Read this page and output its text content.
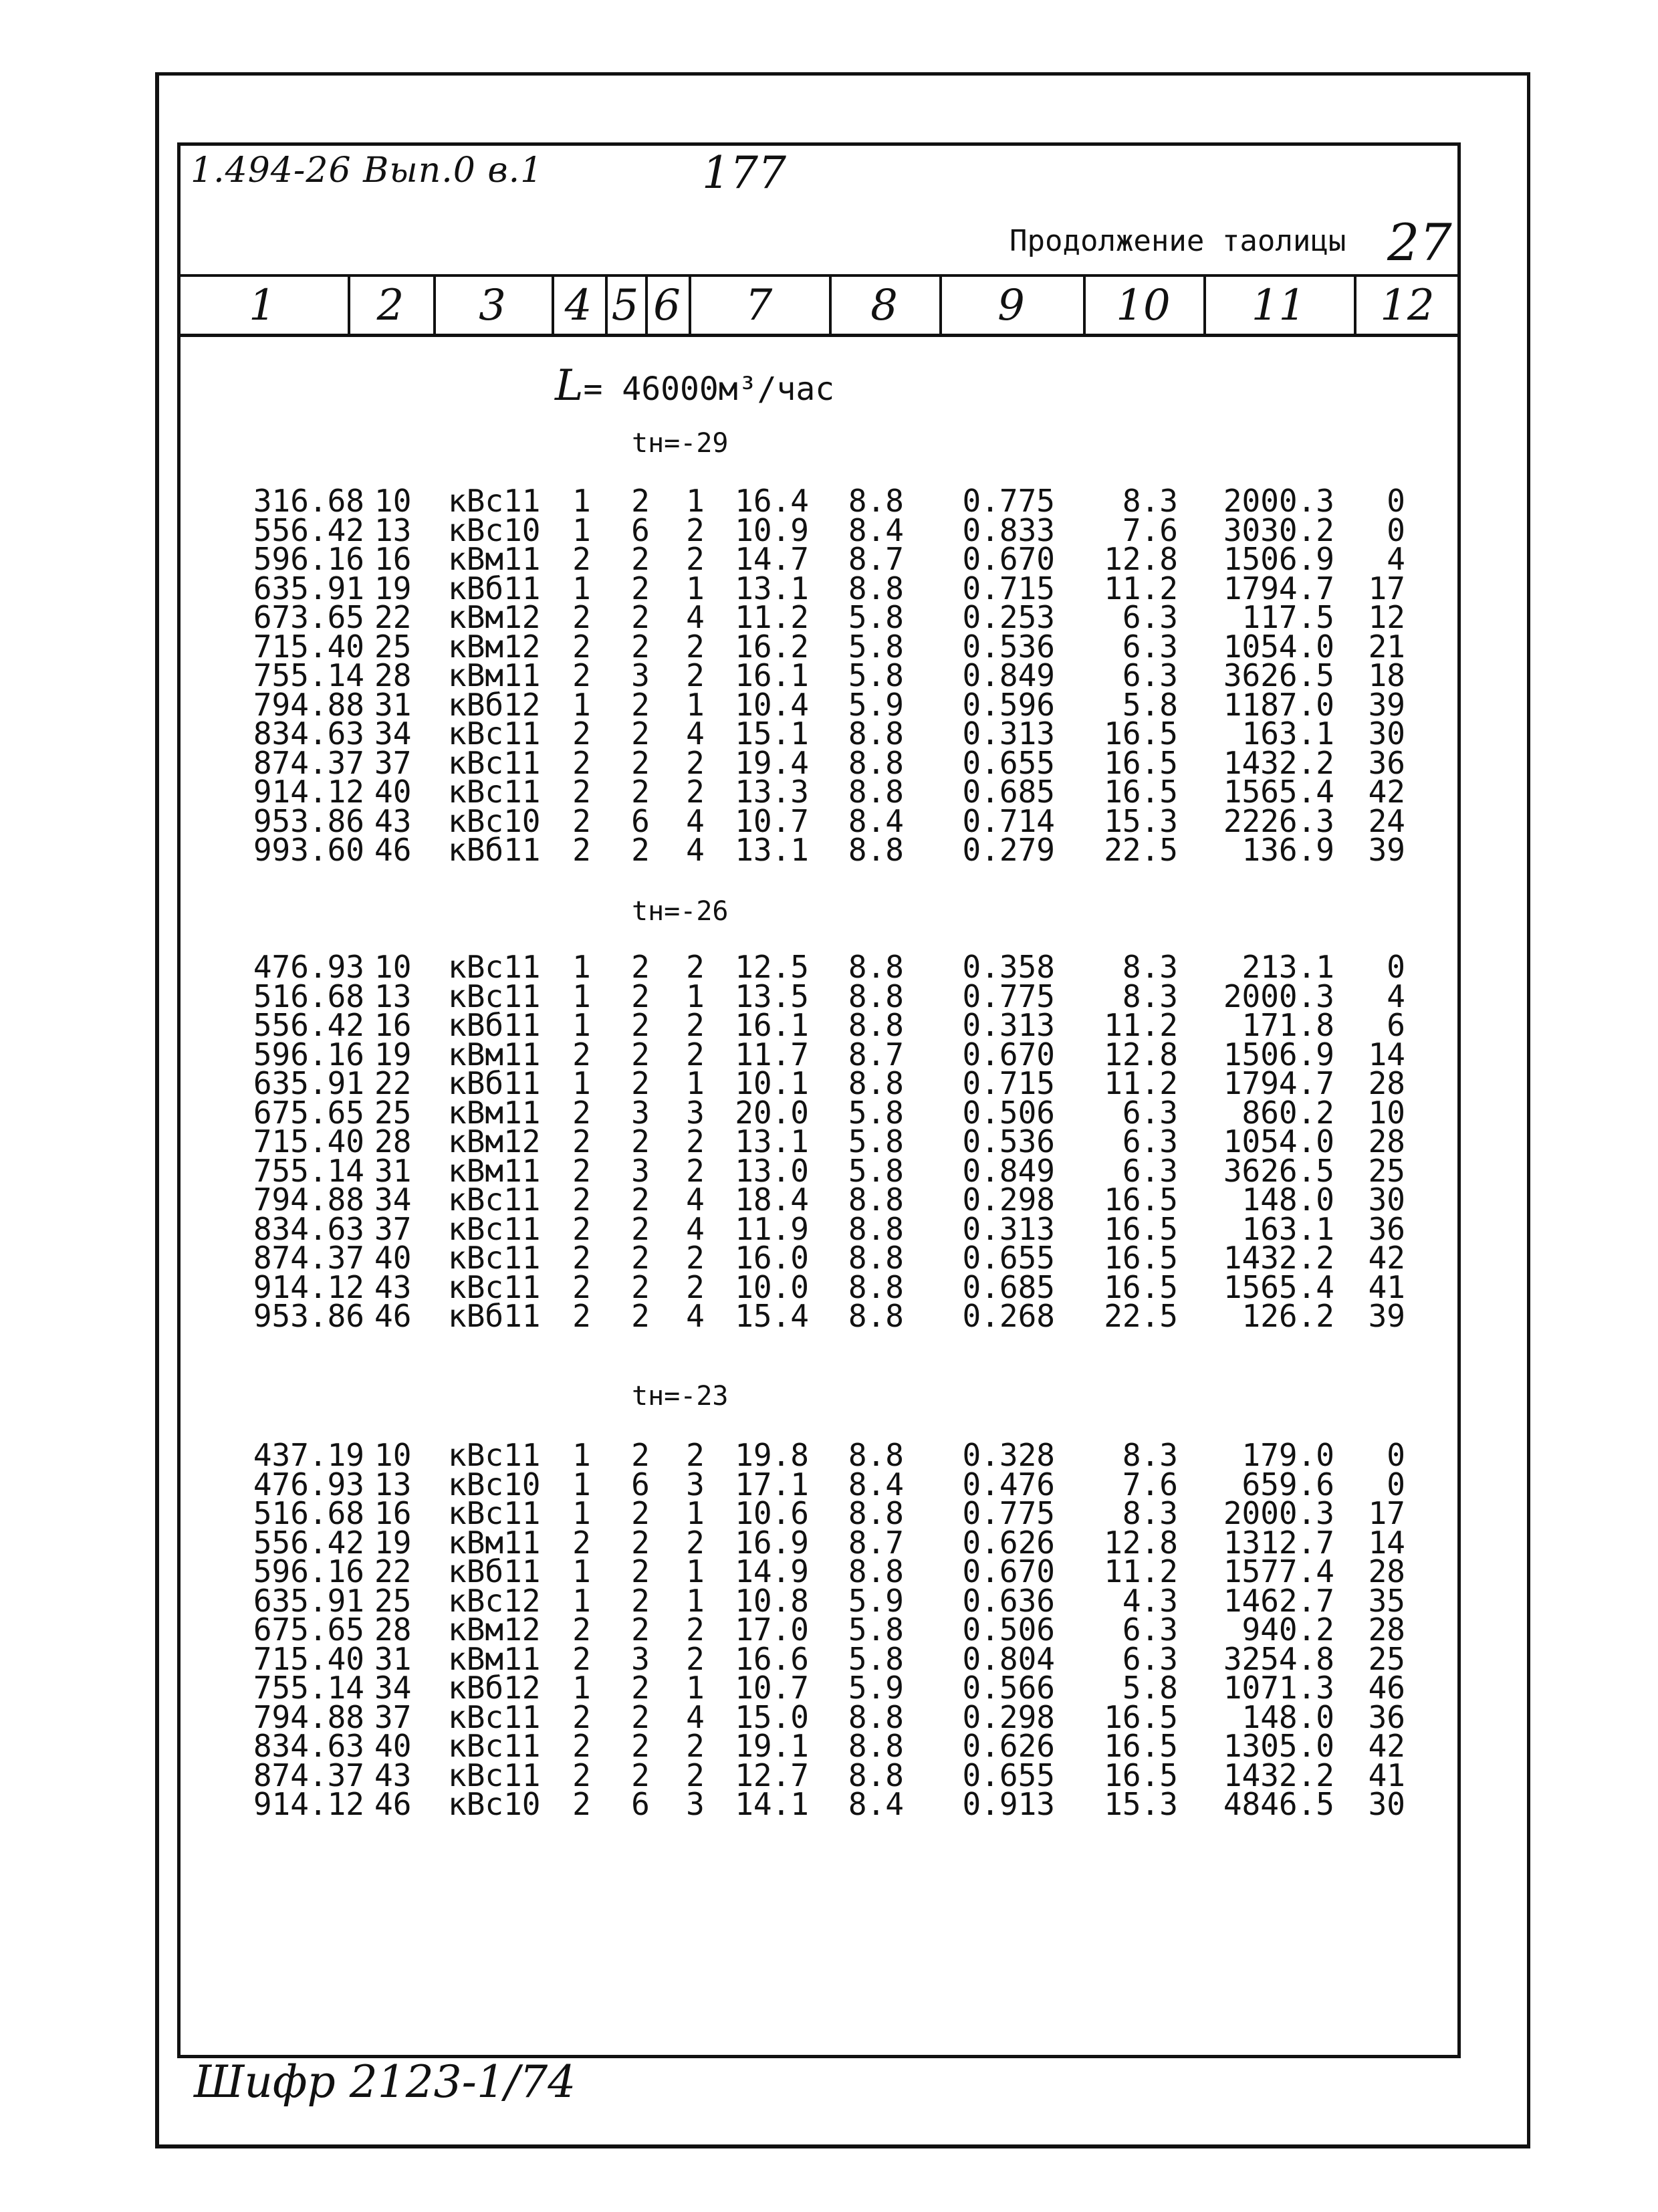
1.494-26 Вып.0 в.1	177
Продолжение таолицы 27
1	2	3	4 5 6	7	8	9	10	11	12
L= 46000м³/час
tн=-29
316.68 10 кВс11 1 2 1 16.4 8.8 0.775 8.3 2000.3 0
556.42 13 кВс10 1 6 2 10.9 8.4 0.833 7.6 3030.2 0
596.16 16 кВм11 2 2 2 14.7 8.7 0.670 12.8 1506.9 4
635.91 19 кВб11 1 2 1 13.1 8.8 0.715 11.2 1794.7 17
673.65 22 кВм12 2 2 4 11.2 5.8 0.253 6.3 117.5 12
715.40 25 кВм12 2 2 2 16.2 5.8 0.536 6.3 1054.0 21
755.14 28 кВм11 2 3 2 16.1 5.8 0.849 6.3 3626.5 18
794.88 31 кВб12 1 2 1 10.4 5.9 0.596 5.8 1187.0 39
834.63 34 кВс11 2 2 4 15.1 8.8 0.313 16.5 163.1 30
874.37 37 кВс11 2 2 2 19.4 8.8 0.655 16.5 1432.2 36
914.12 40 кВс11 2 2 2 13.3 8.8 0.685 16.5 1565.4 42
953.86 43 кВс10 2 6 4 10.7 8.4 0.714 15.3 2226.3 24
993.60 46 кВб11 2 2 4 13.1 8.8 0.279 22.5 136.9 39
tн=-26
476.93 10 кВс11 1 2 2 12.5 8.8 0.358 8.3 213.1 0
516.68 13 кВс11 1 2 1 13.5 8.8 0.775 8.3 2000.3 4
556.42 16 кВб11 1 2 2 16.1 8.8 0.313 11.2 171.8 6
596.16 19 кВм11 2 2 2 11.7 8.7 0.670 12.8 1506.9 14
635.91 22 кВб11 1 2 1 10.1 8.8 0.715 11.2 1794.7 28
675.65 25 кВм11 2 3 3 20.0 5.8 0.506 6.3 860.2 10
715.40 28 кВм12 2 2 2 13.1 5.8 0.536 6.3 1054.0 28
755.14 31 кВм11 2 3 2 13.0 5.8 0.849 6.3 3626.5 25
794.88 34 кВс11 2 2 4 18.4 8.8 0.298 16.5 148.0 30
834.63 37 кВс11 2 2 4 11.9 8.8 0.313 16.5 163.1 36
874.37 40 кВс11 2 2 2 16.0 8.8 0.655 16.5 1432.2 42
914.12 43 кВс11 2 2 2 10.0 8.8 0.685 16.5 1565.4 41
953.86 46 кВб11 2 2 4 15.4 8.8 0.268 22.5 126.2 39
tн=-23
437.19 10 кВс11 1 2 2 19.8 8.8 0.328 8.3 179.0 0
476.93 13 кВс10 1 6 3 17.1 8.4 0.476 7.6 659.6 0
516.68 16 кВс11 1 2 1 10.6 8.8 0.775 8.3 2000.3 17
556.42 19 кВм11 2 2 2 16.9 8.7 0.626 12.8 1312.7 14
596.16 22 кВб11 1 2 1 14.9 8.8 0.670 11.2 1577.4 28
635.91 25 кВс12 1 2 1 10.8 5.9 0.636 4.3 1462.7 35
675.65 28 кВм12 2 2 2 17.0 5.8 0.506 6.3 940.2 28
715.40 31 кВм11 2 3 2 16.6 5.8 0.804 6.3 3254.8 25
755.14 34 кВб12 1 2 1 10.7 5.9 0.566 5.8 1071.3 46
794.88 37 кВс11 2 2 4 15.0 8.8 0.298 16.5 148.0 36
834.63 40 кВс11 2 2 2 19.1 8.8 0.626 16.5 1305.0 42
874.37 43 кВс11 2 2 2 12.7 8.8 0.655 16.5 1432.2 41
914.12 46 кВс10 2 6 3 14.1 8.4 0.913 15.3 4846.5 30
Шифр 2123-1/74
